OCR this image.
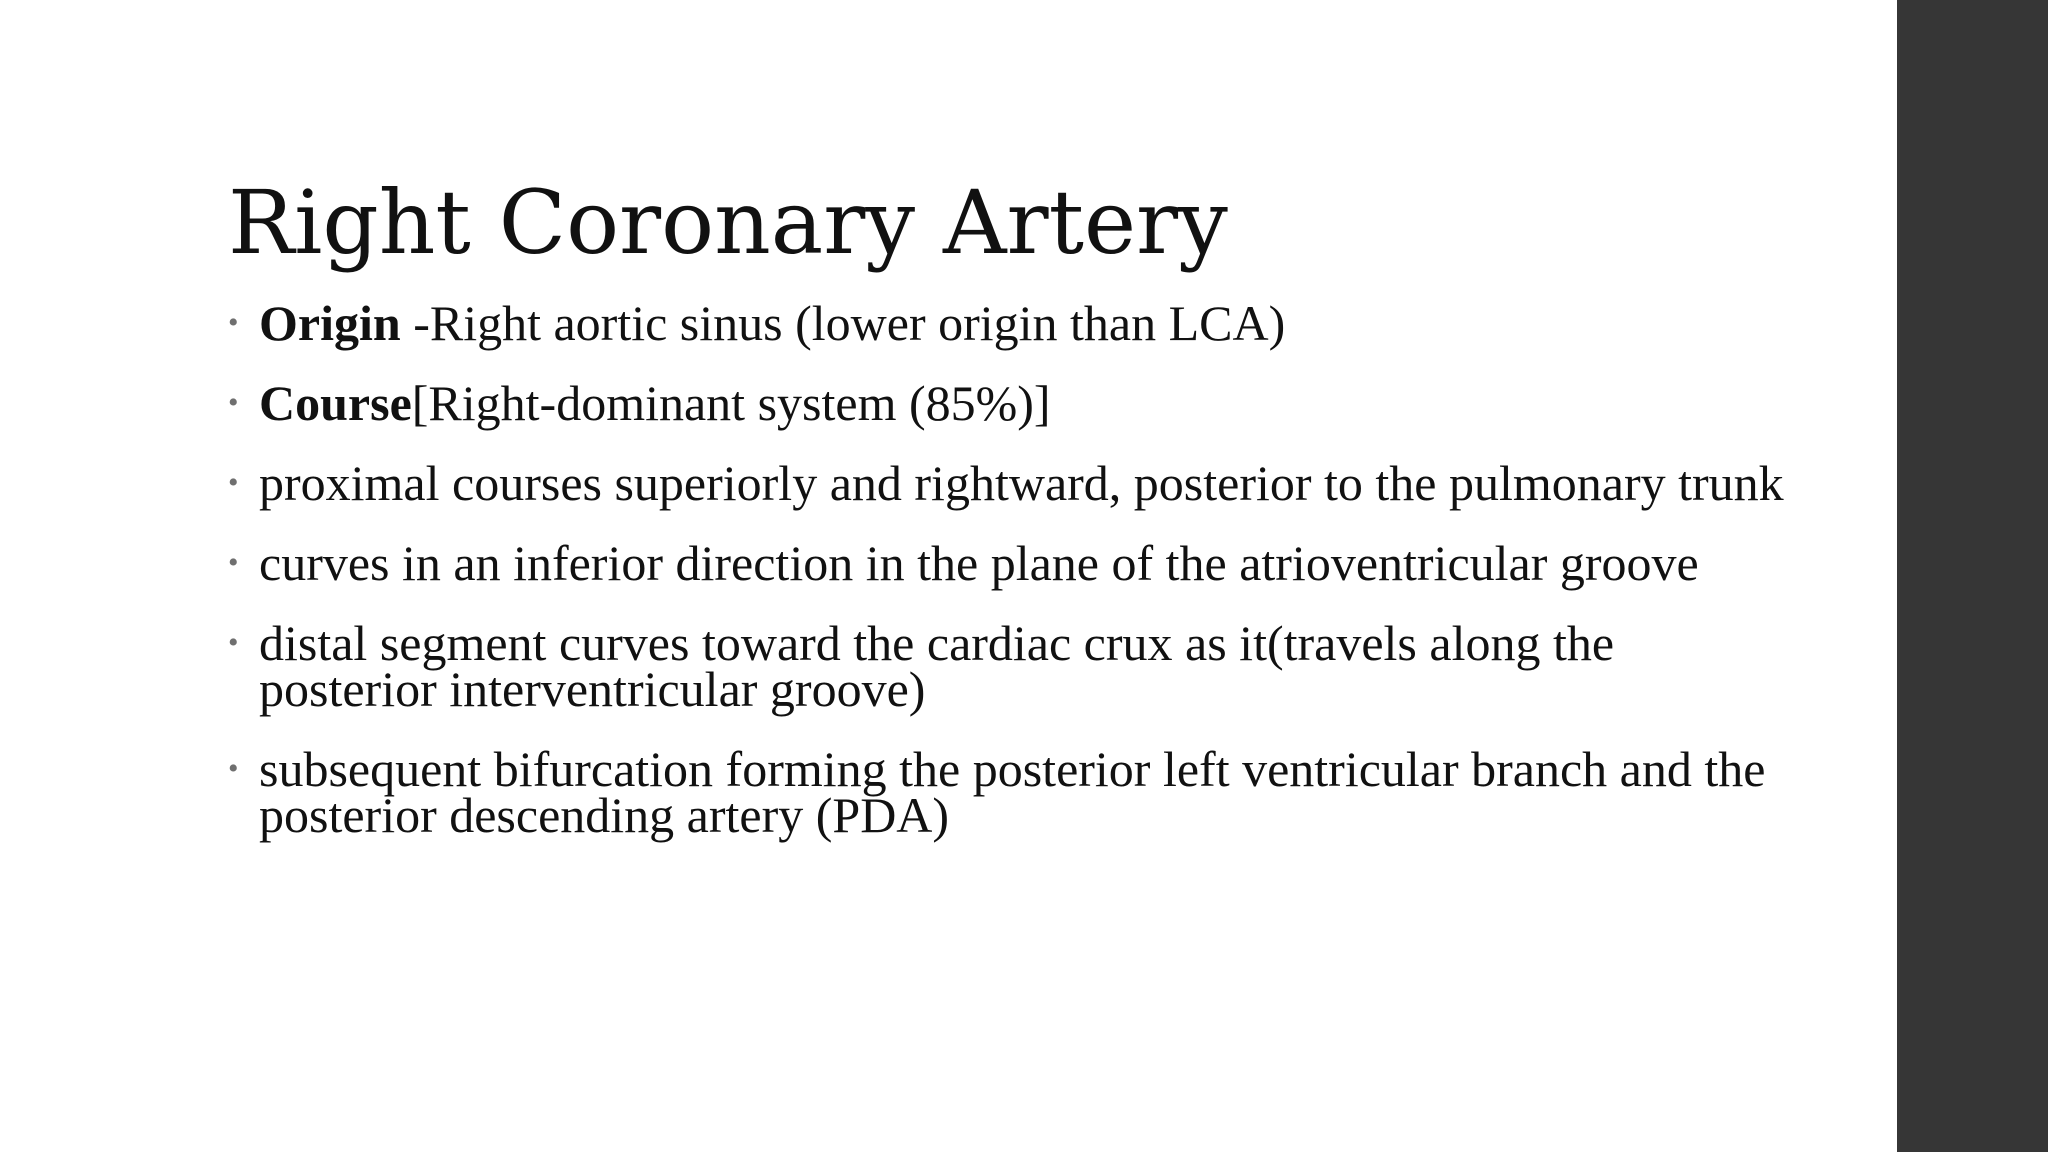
Right Coronary Artery
• Origin -Right aortic sinus (lower origin than LCA)
• Course[Right-dominant system (85%)]
• proximal courses superiorly and rightward, posterior to the pulmonary trunk
• curves in an inferior direction in the plane of the atrioventricular groove
• distal segment curves toward the cardiac crux as it(travels along the posterior interventricular groove)
• subsequent bifurcation forming the posterior left ventricular branch and the posterior descending artery (PDA)
